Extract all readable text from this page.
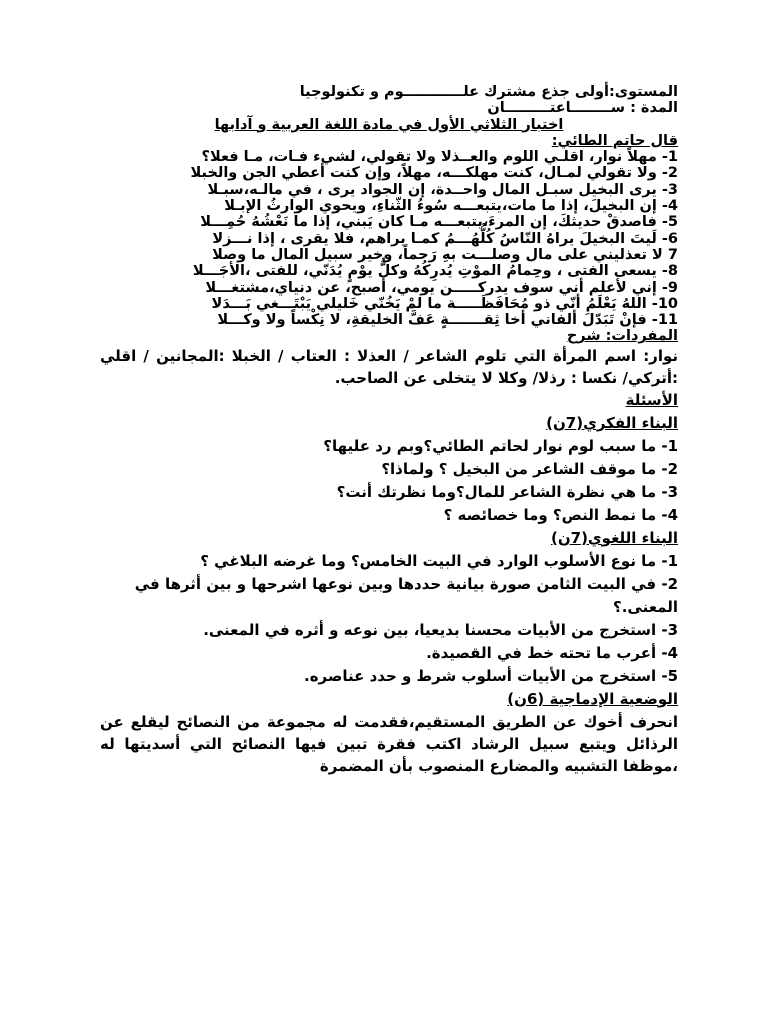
المستوى:أولى جذع مشترك علــــــــــــوم و تكنولوجيا
المدة : ســــــــاعتـــــــــان
اختبار الثلاثي الأول في مادة اللغة العربية و آدابها
قال حاتم الطائي:
1- مهلاً نوار، اقلـي اللوم والعــذلا ولا تقولي، لشيء فـات، مـا فعلا؟
2- ولا تقولي لمـال، كنت مهلكـــه، مهلاً، وإن كنت أعطي الجن والخبلا
3- يرى البخيل سبـل المال واحــدة، إن الجواد يرى ، في مالـه،سبـلا
4- إن البخيلَ، إذا ما مات،يتبعـــه سُوءُ الثّناءِ، ويحوي الوارثُ الإبـلا
5- فاصدقْ حديثكَ، إن المرءَ،يتبعـــه مـا كان يَبني، إذا ما نَعْشُهُ حُمِـــلا
6- لَيتَ البخيلَ يراهُ النّاسُ كُلُّهُـــمُ كمـا يراهم، فلا يقرى ، إذا نـــزلا
7 لا تعذليني على مال وصلـــت بهِ رَحماً، وخير سبيل المال ما وصلا
8- يسعى الفتى ، وحِمامُ الموْتِ يُدرِكُهُ وكلُّ يوْمٍ يُدَنّي، للفتى ،الأجَـــلا
9- إني لأعلم أني سوف يدركـــــن يومي، أصبح، عن دنياي،مشتغـــلا
10- اللهُ يَعْلَمُ أنّي ذو مُحَافَظَـــــة ما لمْ يَخُنّي خَليلي يَبْتَـــغي بَـــدَلا
11- فإنْ تَبَدّلَ ألفاني أخا ثِقـــــــةٍ عَفَّ الخليقةِ، لا نِكْساً ولا وكـــلا
المفردات: شرح
نوار: اسم المرأة التي تلوم الشاعر / العذلا : العتاب / الخبلا :المجانين / اقلي :أتركي/ نكسا : رذلا/ وكلا لا يتخلى عن الصاحب.
الأسئلة
البناء الفكري(7ن)
1- ما سبب لوم نوار لحاتم الطائي؟وبم رد عليها؟
2- ما موقف الشاعر من البخيل ؟ ولماذا؟
3- ما هي نظرة الشاعر للمال؟وما نظرتك أنت؟
4- ما نمط النص؟ وما خصائصه ؟
البناء اللغوي(7ن)
1- ما نوع الأسلوب الوارد في البيت الخامس؟ وما غرضه البلاغي ؟
2- في البيت الثامن صورة بيانية حددها وبين نوعها اشرحها و بين أثرها في المعنى.؟
3- استخرج من الأبيات محسنا بديعيا، بين نوعه و أثره في المعنى.
4- أعرب ما تحته خط في القصيدة.
5- استخرج من الأبيات أسلوب شرط و حدد عناصره.
الوضعية الإدماجية (6ن)
انحرف أخوك عن الطريق المستقيم،فقدمت له مجموعة من النصائح ليقلع عن الرذائل ويتبع سبيل الرشاد اكتب فقرة تبين فيها النصائح التي أسديتها له ،موظفا التشبيه والمضارع المنصوب بأن المضمرة
